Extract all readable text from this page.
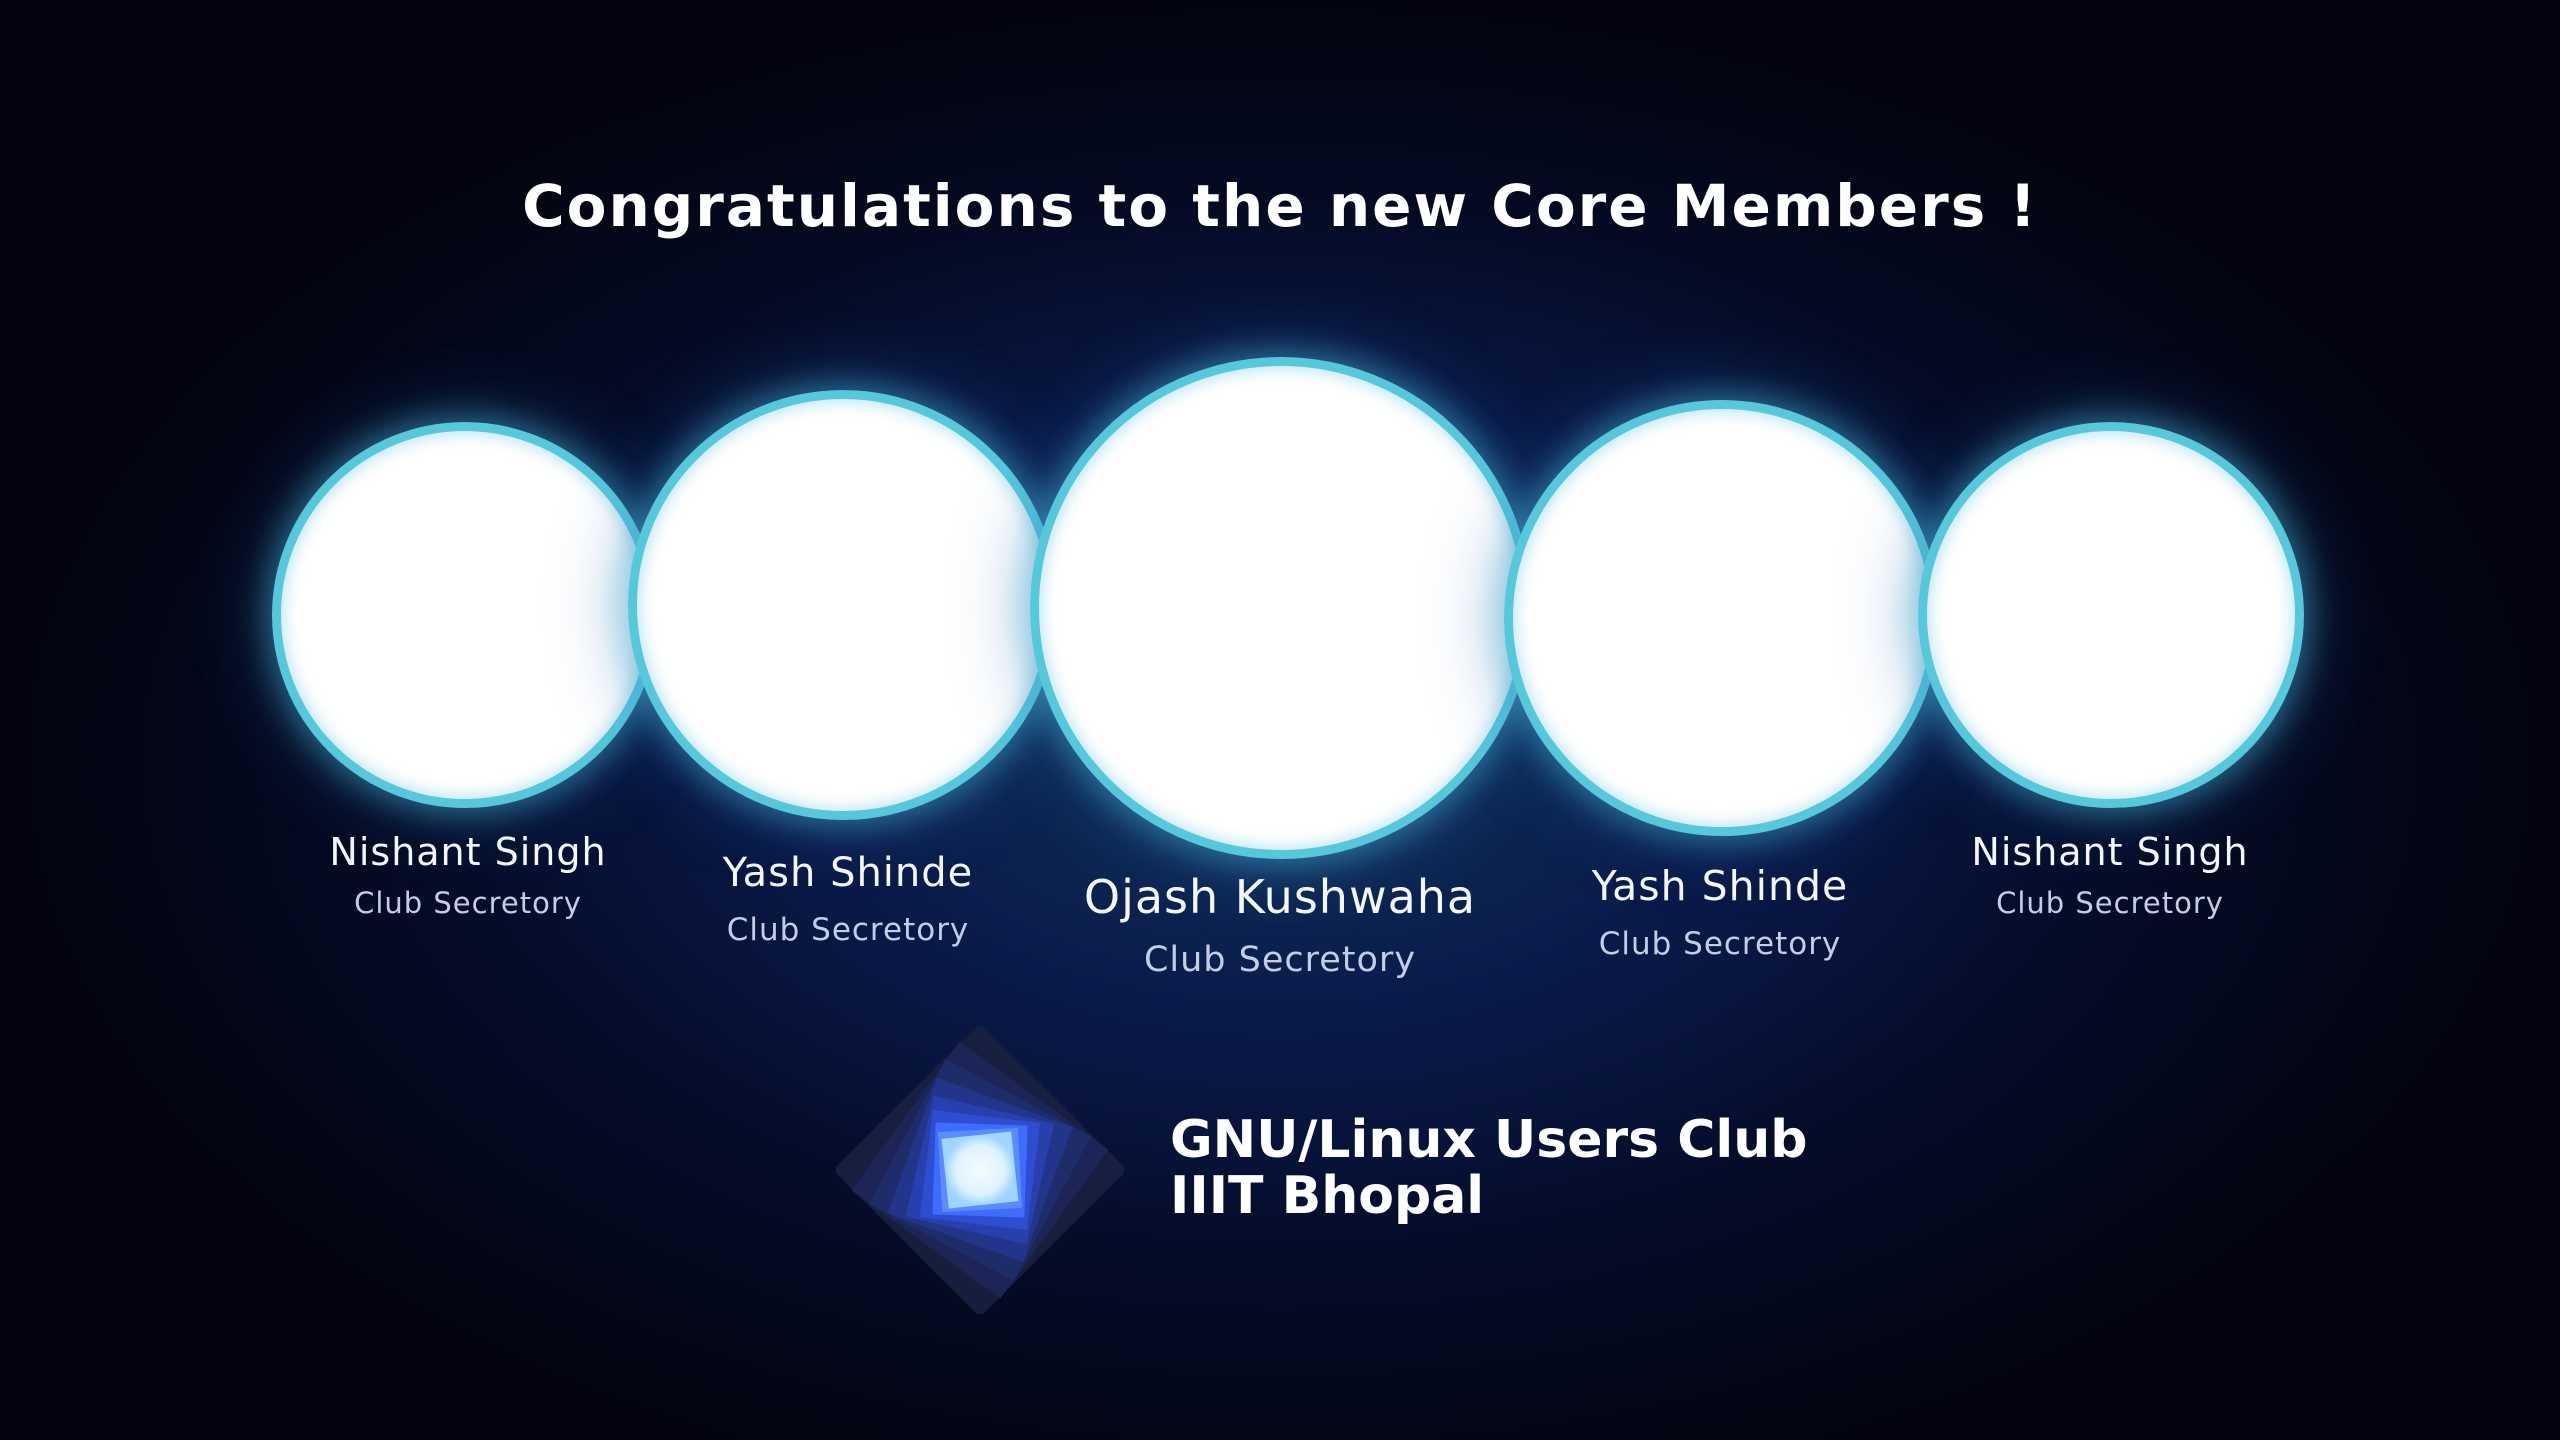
Congratulations to the new Core Members !
Nishant Singh
Club Secretory
Yash Shinde
Club Secretory
Ojash Kushwaha
Club Secretory
Yash Shinde
Club Secretory
Nishant Singh
Club Secretory
GNU/Linux Users Club
IIIT Bhopal
